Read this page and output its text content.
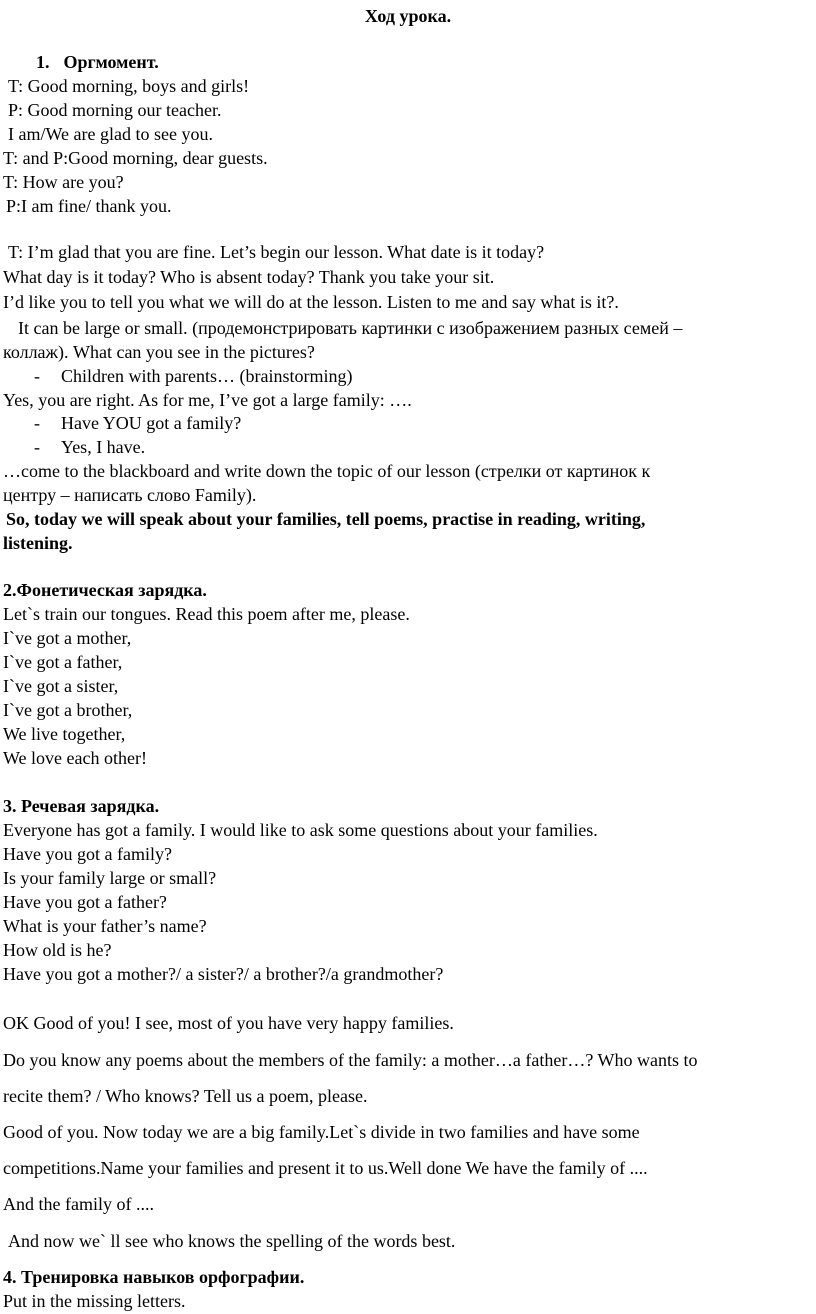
Ход урока.
1. Оргмомент.
T: Good morning, boys and girls!
P: Good morning our teacher.
I am/We are glad to see you.
T: and P:Good morning, dear guests.
T: How are you?
P:I am fine/ thank you.
T: I’m glad that you are fine. Let’s begin our lesson. What date is it today?
What day is it today? Who is absent today? Thank you take your sit.
I’d like you to tell you what we will do at the lesson. Listen to me and say what is it?.
It can be large or small. (продемонстрировать картинки с изображением разных семей –
коллаж). What can you see in the pictures?
- Children with parents… (brainstorming)
Yes, you are right. As for me, I’ve got a large family: ….
- Have YOU got a family?
- Yes, I have.
…come to the blackboard and write down the topic of our lesson (стрелки от картинок к
центру – написать слово Family).
So, today we will speak about your families, tell poems, practise in reading, writing,
listening.
2.Фонетическая зарядка.
Let`s train our tongues. Read this poem after me, please.
I`ve got a mother,
I`ve got a father,
I`ve got a sister,
I`ve got a brother,
We live together,
We love each other!
3. Речевая зарядка.
Everyone has got a family. I would like to ask some questions about your families.
Have you got a family?
Is your family large or small?
Have you got a father?
What is your father’s name?
How old is he?
Have you got a mother?/ a sister?/ a brother?/a grandmother?
OK Good of you! I see, most of you have very happy families.
Do you know any poems about the members of the family: a mother…a father…? Who wants to
recite them? / Who knows? Tell us a poem, please.
Good of you. Now today we are a big family.Let`s divide in two families and have some
competitions.Name your families and present it to us.Well done We have the family of ....
And the family of ....
And now we` ll see who knows the spelling of the words best.
4. Тренировка навыков орфографии.
Put in the missing letters.
